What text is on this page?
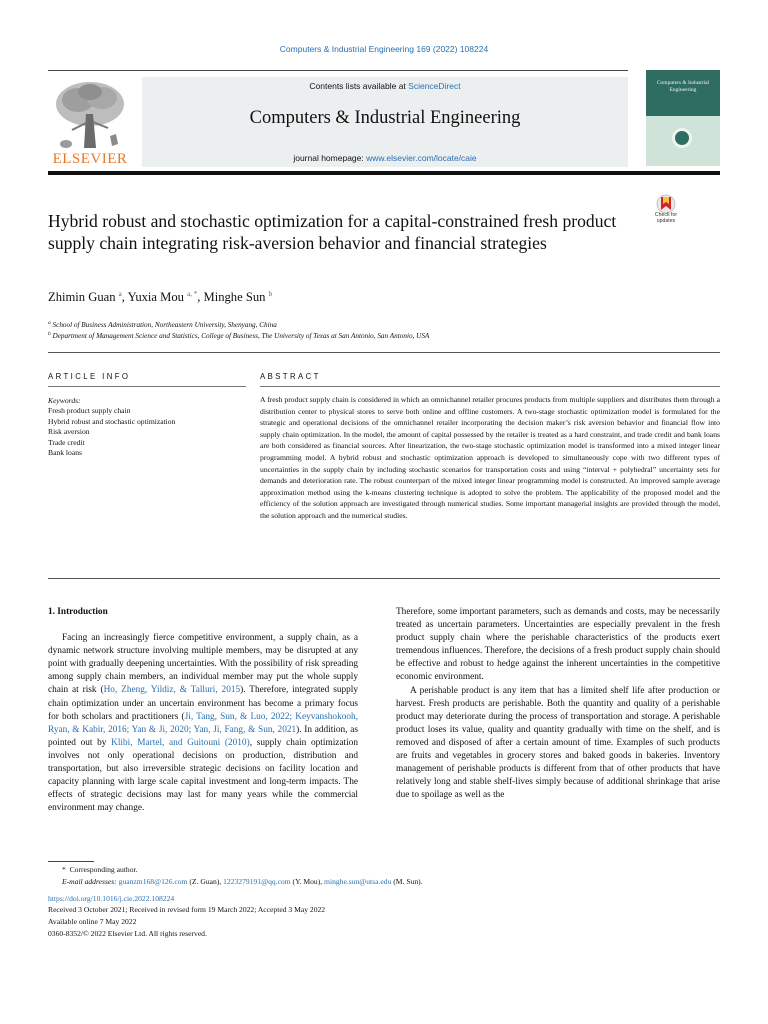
Computers & Industrial Engineering 169 (2022) 108224
ELSEVIER
Contents lists available at ScienceDirect
Computers & Industrial Engineering
journal homepage: www.elsevier.com/locate/caie
Computers & Industrial Engineering
Hybrid robust and stochastic optimization for a capital-constrained fresh product supply chain integrating risk-aversion behavior and financial strategies
Check for updates
Zhimin Guan $^a$, Yuxia Mou $^{a, *}$, Minghe Sun $^b$
$^a$ School of Business Administration, Northeastern University, Shenyang, China
$^b$ Department of Management Science and Statistics, College of Business, The University of Texas at San Antonio, San Antonio, USA
ARTICLE INFO	ABSTRACT
Keywords:
Fresh product supply chain
Hybrid robust and stochastic optimization
Risk aversion
Trade credit
Bank loans
A fresh product supply chain is considered in which an omnichannel retailer procures products from multiple suppliers and distributes them through a distribution center to physical stores to serve both online and offline customers. A two-stage stochastic optimization model is formulated for the strategic and operational decisions of the omnichannel retailer incorporating the decision maker’s risk aversion behavior and financial flow into supply chain optimization. In the model, the amount of capital possessed by the retailer is treated as a hard constraint, and trade credit and bank loans are both considered as financial sources. After linearization, the two-stage stochastic optimization model is transformed into a mixed integer linear programming model. A hybrid robust and stochastic optimization approach is developed to simultaneously cope with two different types of uncertainties in the supply chain by including stochastic scenarios for transportation costs and using “interval + polyhedral” uncertainty sets for demands and deterioration rate. The robust counterpart of the mixed integer linear programming model is constructed. An improved sample average approximation method using the k-means clustering technique is adopted to solve the problem. The applicability of the proposed model and the efficiency of the solution approach are investigated through numerical studies. Some important managerial insights are provided through the model, the solution approach and the numerical studies.
1. Introduction

Facing an increasingly fierce competitive environment, a supply chain, as a dynamic network structure involving multiple members, may be disrupted at any point with gradually deepening uncertainties. With the possibility of risk spreading among supply chain members, an individual member may put the whole supply chain at risk (Ho, Zheng, Yildiz, & Talluri, 2015). Therefore, integrated supply chain optimization under an uncertain environment has become a primary focus for both scholars and practitioners (Ji, Tang, Sun, & Luo, 2022; Keyvanshokooh, Ryan, & Kabir, 2016; Yan & Ji, 2020; Yan, Ji, Fang, & Sun, 2021). In addition, as pointed out by Klibi, Martel, and Guitouni (2010), supply chain optimization involves not only operational decisions on production, distribution and transportation, but also irreversible strategic decisions on facility location and capacity planning with large scale capital investment and long-term impacts. The effects of strategic decisions may last for many years while the commercial environment may change.

Therefore, some important parameters, such as demands and costs, may be necessarily treated as uncertain parameters. Uncertainties are especially prevalent in the fresh product supply chain where the perishable characteristics of the products exert tremendous influences. Therefore, the decisions of a fresh product supply chain should be effective and robust to hedge against the inherent uncertainties in the competitive economic environment.

A perishable product is any item that has a limited shelf life after production or harvest. Fresh products are perishable. Both the quantity and quality of a perishable product may deteriorate during the process of transportation and storage. A perishable product loses its value, quality and quantity gradually with time on the shelf, and is removed and disposed of after a certain amount of time. Examples of such products are fruits and vegetables in grocery stores and baked goods in bakeries. Inventory management of perishable products is different from that of other products that have relatively long and stable shelf-lives simply because of additional shrinkage that arise due to spoilage as well as the

*  Corresponding author.
E-mail addresses: guanzm168@126.com (Z. Guan), 1223279191@qq.com (Y. Mou), minghe.sun@utsa.edu (M. Sun).
https://doi.org/10.1016/j.cie.2022.108224
Received 3 October 2021; Received in revised form 19 March 2022; Accepted 3 May 2022
Available online 7 May 2022
0360-8352/© 2022 Elsevier Ltd. All rights reserved.
